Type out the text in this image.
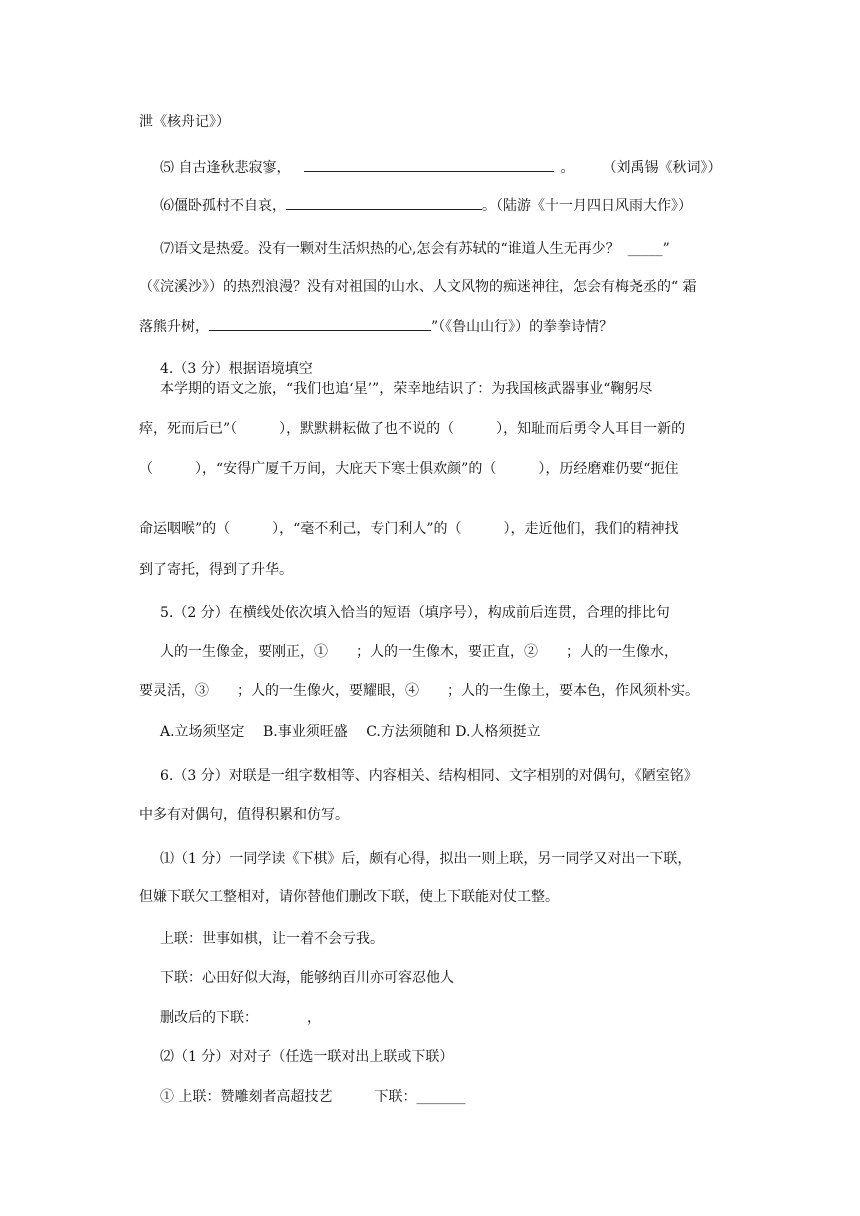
泄《核舟记》）
⑸ 自古逢秋悲寂寥，	。 （刘禹锡《秋词》）
⑹僵卧孤村不自哀，	。（陆游《十一月四日风雨大作》）
⑺语文是热爱。没有一颗对生活炽热的心,怎会有苏轼的“谁道人生无再少？ _____”
（《浣溪沙》）的热烈浪漫？没有对祖国的山水、人文风物的痴迷神往，怎会有梅尧丞的“ 霜
落熊升树，	”（《鲁山山行》）的拳拳诗情？
4.（3 分）根据语境填空
本学期的语文之旅，“我们也追‘星’”，荣幸地结识了：为我国核武器事业“鞠躬尽
瘁，死而后已”（　　　），默默耕耘做了也不说的（　　　），知耻而后勇令人耳目一新的
（　　　），“安得广厦千万间，大庇天下寒士俱欢颜”的（　　　），历经磨难仍要“扼住
命运咽喉”的（　　　），“毫不利己，专门利人”的（　　　），走近他们，我们的精神找
到了寄托，得到了升华。
5.（2 分）在横线处依次填入恰当的短语（填序号），构成前后连贯，合理的排比句
人的一生像金，要刚正，①　　；人的一生像木，要正直，②　　；人的一生像水，
要灵活，③　　；人的一生像火，要耀眼，④　　；人的一生像土，要本色，作风须朴实。
A.立场须坚定　 B.事业须旺盛　 C.方法须随和 D.人格须挺立
6.（3 分）对联是一组字数相等、内容相关、结构相同、文字相别的对偶句，《陋室铭》
中多有对偶句，值得积累和仿写。
⑴（1 分）一同学读《下棋》后，颇有心得，拟出一则上联，另一同学又对出一下联，
但嫌下联欠工整相对，请你替他们删改下联，使上下联能对仗工整。
上联：世事如棋，让一着不会亏我。
下联：心田好似大海，能够纳百川亦可容忍他人
删改后的下联：　　　　，
⑵（1 分）对对子（任选一联对出上联或下联）
① 上联：赞雕刻者高超技艺　　　下联：_______
